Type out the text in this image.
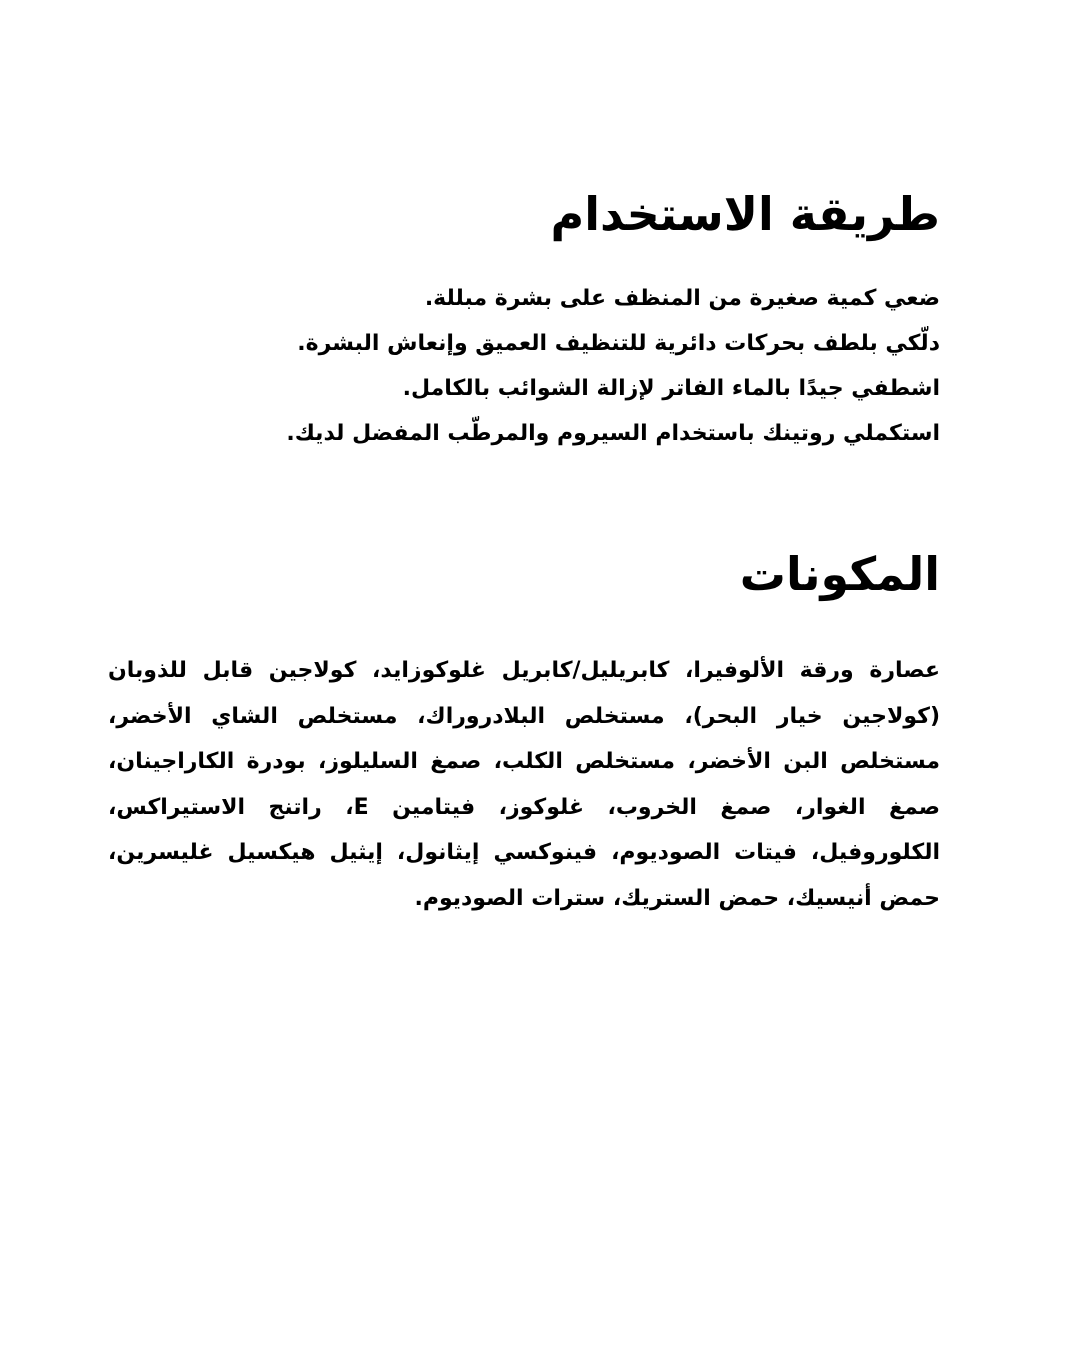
طريقة الاستخدام
ضعي كمية صغيرة من المنظف على بشرة مبللة.
دلّكي بلطف بحركات دائرية للتنظيف العميق وإنعاش البشرة.
اشطفي جيدًا بالماء الفاتر لإزالة الشوائب بالكامل.
استكملي روتينك باستخدام السيروم والمرطّب المفضل لديك.
المكونات

عصارة ورقة الألوفيرا، كابريليل/كابريل غلوكوزايد، كولاجين قابل للذوبان (كولاجين خيار البحر)، مستخلص البلادروراك، مستخلص الشاي الأخضر، مستخلص البن الأخضر، مستخلص الكلب، صمغ السليلوز، بودرة الكاراجينان، صمغ الغوار، صمغ الخروب، غلوكوز، فيتامين E، راتنج الاستيراكس، الكلوروفيل، فيتات الصوديوم، فينوكسي إيثانول، إيثيل هيكسيل غليسرين، حمض أنيسيك، حمض الستريك، سترات الصوديوم.
